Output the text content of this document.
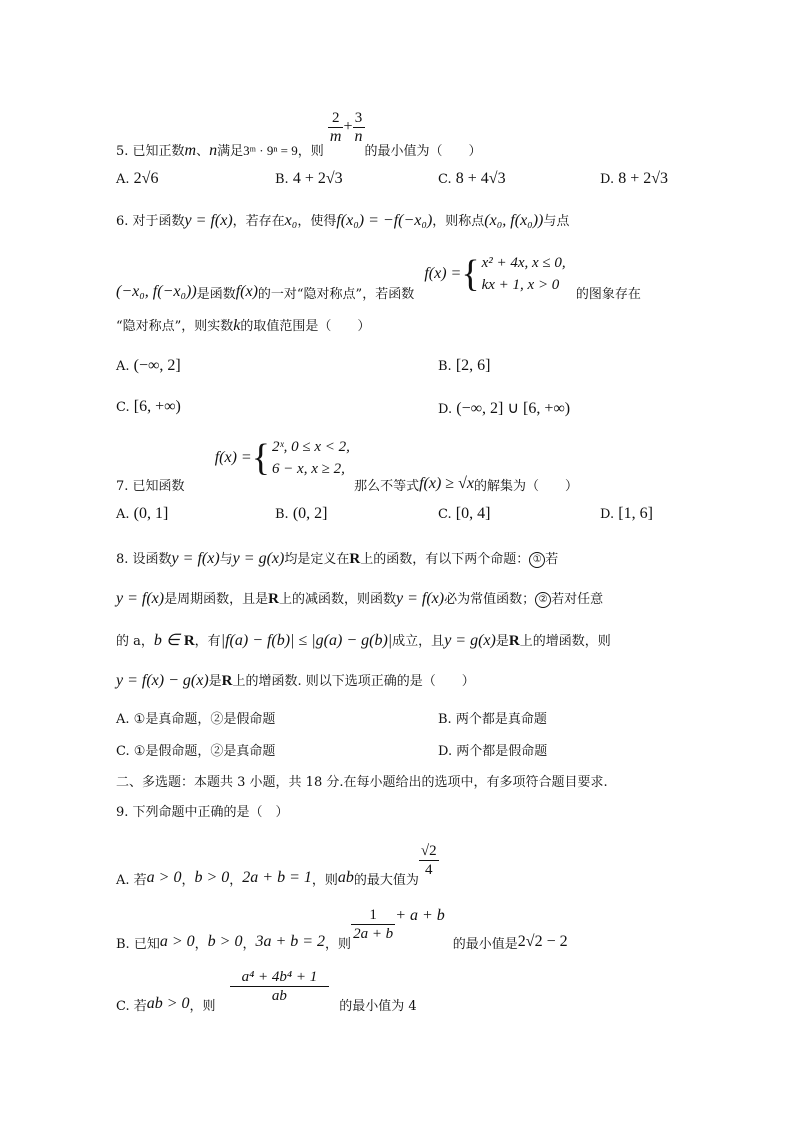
5. 已知正数m、n满足3ᵐ · 9ⁿ = 9，则
$\frac{2}{m} + \frac{3}{n}$
的最小值为（　　）
A. 2√6	B. 4 + 2√3	C. 8 + 4√3	D. 8 + 2√3
6. 对于函数y = f(x)，若存在x₀，使得f(x₀) = −f(−x₀)，则称点(x₀, f(x₀))与点
(−x₀, f(−x₀))是函数f(x)的一对“隐对称点”，若函数
f(x) = { x² + 4x, x ≤ 0,
kx + 1, x > 0
的图象存在
“隐对称点”，则实数k的取值范围是（　　）
A. (−∞, 2]	B. [2, 6]
C. [6, +∞)	D. (−∞, 2] ∪ [6, +∞)
7. 已知函数
f(x) = { 2ˣ, 0 ≤ x < 2,
6 − x, x ≥ 2,
那么不等式f(x) ≥ √x的解集为（　　）
A. (0, 1]	B. (0, 2]	C. [0, 4]	D. [1, 6]
8. 设函数y = f(x)与y = g(x)均是定义在R上的函数，有以下两个命题： ① 若
y = f(x)是周期函数，且是R上的减函数，则函数y = f(x)必为常值函数； ② 若对任意
的 a，b ∈ R，有|f(a) − f(b)| ≤ |g(a) − g(b)|成立，且y = g(x)是R上的增函数，则
y = f(x) − g(x)是R上的增函数. 则以下选项正确的是（　　）
A. ①是真命题，②是假命题	B. 两个都是真命题
C. ①是假命题，②是真命题	D. 两个都是假命题
二、多选题：本题共 3 小题，共 18 分.在每小题给出的选项中，有多项符合题目要求.
9. 下列命题中正确的是（　）
A. 若a > 0，b > 0，2a + b = 1，则ab的最大值为
$\frac{√2}{4}$
B. 已知a > 0，b > 0，3a + b = 2，则
$\frac{1}{2a + b} + a + b$的最小值是2√2 − 2
C. 若ab > 0，则
$\frac{\text{a⁴ + 4b⁴ + 1}}{ab}$
的最小值为 4
